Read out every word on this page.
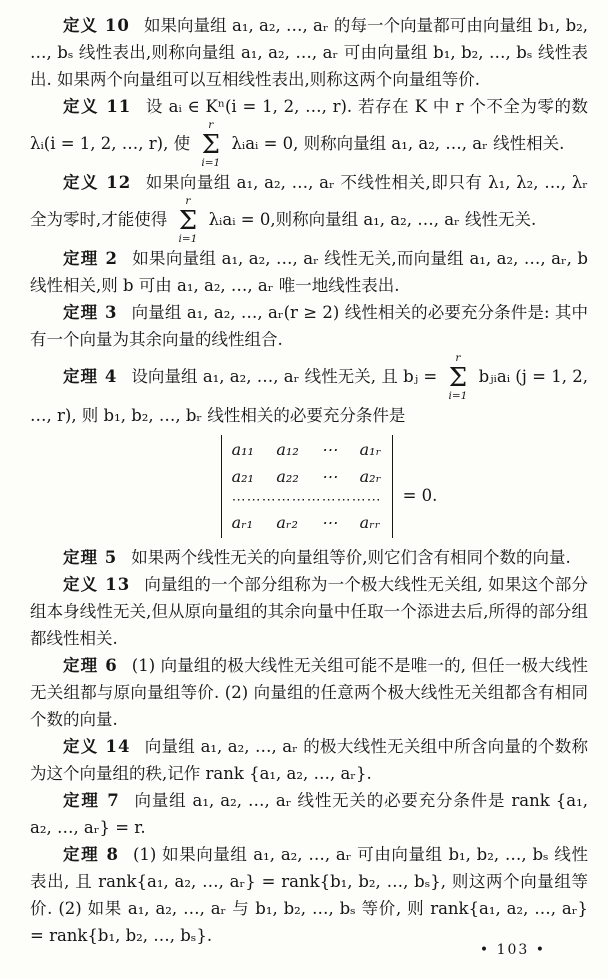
定义 10 如果向量组 a₁, a₂, …, aᵣ 的每一个向量都可由向量组 b₁, b₂, …, bₛ 线性表出,则称向量组 a₁, a₂, …, aᵣ 可由向量组 b₁, b₂, …, bₛ 线性表出. 如果两个向量组可以互相线性表出,则称这两个向量组等价.

定义 11 设 aᵢ ∈ Kⁿ(i = 1, 2, …, r). 若存在 K 中 r 个不全为零的数 λᵢ(i = 1, 2, …, r), 使
r
Σ
i=1
λᵢaᵢ = 0, 则称向量组 a₁, a₂, …, aᵣ 线性相关.

定义 12 如果向量组 a₁, a₂, …, aᵣ 不线性相关,即只有 λ₁, λ₂, …, λᵣ 全为零时,才能使得
r
Σ
i=1
λᵢaᵢ = 0,则称向量组 a₁, a₂, …, aᵣ 线性无关.

定理 2 如果向量组 a₁, a₂, …, aᵣ 线性无关,而向量组 a₁, a₂, …, aᵣ, b 线性相关,则 b 可由 a₁, a₂, …, aᵣ 唯一地线性表出.

定理 3 向量组 a₁, a₂, …, aᵣ(r ≥ 2) 线性相关的必要充分条件是: 其中有一个向量为其余向量的线性组合.

定理 4 设向量组 a₁, a₂, …, aᵣ 线性无关, 且 bⱼ =
r
Σ
i=1
bⱼᵢaᵢ (j = 1, 2, …, r), 则 b₁, b₂, …, bᵣ 线性相关的必要充分条件是

a₁₁ a₁₂ ⋯ a₁ᵣ
a₂₁ a₂₂ ⋯ a₂ᵣ
⋯⋯⋯⋯⋯⋯⋯⋯⋯⋯
aᵣ₁ aᵣ₂ ⋯ aᵣᵣ
= 0.

定理 5 如果两个线性无关的向量组等价,则它们含有相同个数的向量.

定义 13 向量组的一个部分组称为一个极大线性无关组, 如果这个部分组本身线性无关,但从原向量组的其余向量中任取一个添进去后,所得的部分组都线性相关.

定理 6 (1) 向量组的极大线性无关组可能不是唯一的, 但任一极大线性无关组都与原向量组等价. (2) 向量组的任意两个极大线性无关组都含有相同个数的向量.

定义 14 向量组 a₁, a₂, …, aᵣ 的极大线性无关组中所含向量的个数称为这个向量组的秩,记作 rank {a₁, a₂, …, aᵣ}.

定理 7 向量组 a₁, a₂, …, aᵣ 线性无关的必要充分条件是 rank {a₁, a₂, …, aᵣ} = r.

定理 8 (1) 如果向量组 a₁, a₂, …, aᵣ 可由向量组 b₁, b₂, …, bₛ 线性表出, 且 rank{a₁, a₂, …, aᵣ} = rank{b₁, b₂, …, bₛ}, 则这两个向量组等价. (2) 如果 a₁, a₂, …, aᵣ 与 b₁, b₂, …, bₛ 等价, 则 rank{a₁, a₂, …, aᵣ} = rank{b₁, b₂, …, bₛ}.

• 103 •
